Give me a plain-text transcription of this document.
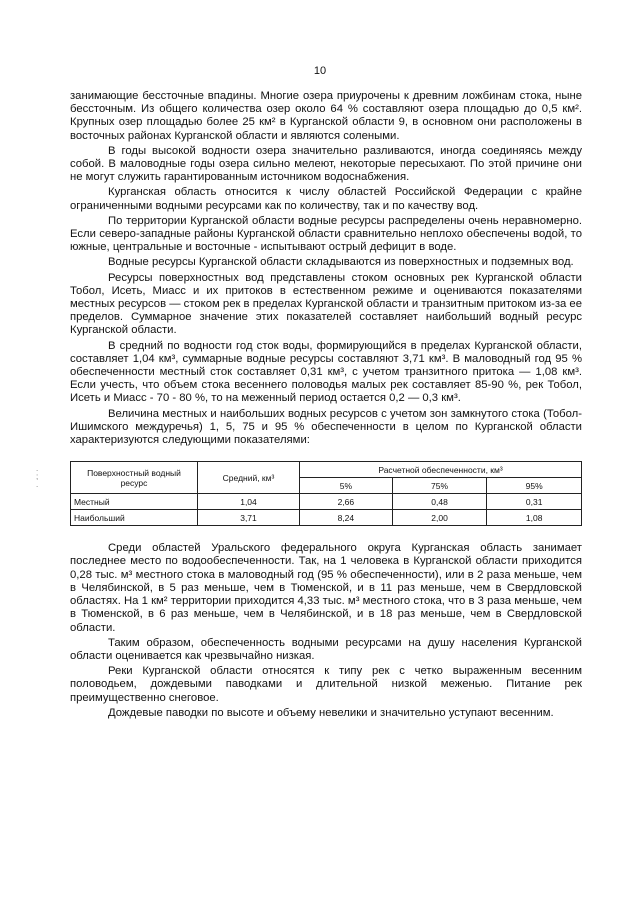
10
. ; .

занимающие бессточные впадины. Многие озера приурочены к древним ложбинам стока, ныне бессточным. Из общего количества озер около 64 % составляют озера площадью до 0,5 км². Крупных озер площадью более 25 км² в Курганской области 9, в основном они расположены в восточных районах Курганской области и являются солеными.

В годы высокой водности озера значительно разливаются, иногда соединяясь между собой. В маловодные годы озера сильно мелеют, некоторые пересыхают. По этой причине они не могут служить гарантированным источником водоснабжения.

Курганская область относится к числу областей Российской Федерации с крайне ограниченными водными ресурсами как по количеству, так и по качеству вод.

По территории Курганской области водные ресурсы распределены очень неравномерно. Если северо-западные районы Курганской области сравнительно неплохо обеспечены водой, то южные, центральные и восточные - испытывают острый дефицит в воде.

Водные ресурсы Курганской области складываются из поверхностных и подземных вод.

Ресурсы поверхностных вод представлены стоком основных рек Курганской области Тобол, Исеть, Миасс и их притоков в естественном режиме и оцениваются показателями местных ресурсов — стоком рек в пределах Курганской области и транзитным притоком из-за ее пределов. Суммарное значение этих показателей составляет наибольший водный ресурс Курганской области.

В средний по водности год сток воды, формирующийся в пределах Курганской области, составляет 1,04 км³, суммарные водные ресурсы составляют 3,71 км³. В маловодный год 95 % обеспеченности местный сток составляет 0,31 км³, с учетом транзитного притока — 1,08 км³. Если учесть, что объем стока весеннего половодья малых рек составляет 85-90 %, рек Тобол, Исеть и Миасс - 70 - 80 %, то на меженный период остается 0,2 — 0,3 км³.

Величина местных и наибольших водных ресурсов с учетом зон замкнутого стока (Тобол-Ишимского междуречья) 1, 5, 75 и 95 % обеспеченности в целом по Курганской области характеризуются следующими показателями:

Поверхностный водный ресурс	Средний, км³	Расчетной обеспеченности, км³		
		5%	75%	95%
Местный	1,04	2,66	0,48	0,31
Наибольший	3,71	8,24	2,00	1,08

Среди областей Уральского федерального округа Курганская область занимает последнее место по водообеспеченности. Так, на 1 человека в Курганской области приходится 0,28 тыс. м³ местного стока в маловодный год (95 % обеспеченности), или в 2 раза меньше, чем в Челябинской, в 5 раз меньше, чем в Тюменской, и в 11 раз меньше, чем в Свердловской областях. На 1 км² территории приходится 4,33 тыс. м³ местного стока, что в 3 раза меньше, чем в Тюменской, в 6 раз меньше, чем в Челябинской, и в 18 раз меньше, чем в Свердловской области.

Таким образом, обеспеченность водными ресурсами на душу населения Курганской области оценивается как чрезвычайно низкая.

Реки Курганской области относятся к типу рек с четко выраженным весенним половодьем, дождевыми паводками и длительной низкой меженью. Питание рек преимущественно снеговое.

Дождевые паводки по высоте и объему невелики и значительно уступают весенним.
